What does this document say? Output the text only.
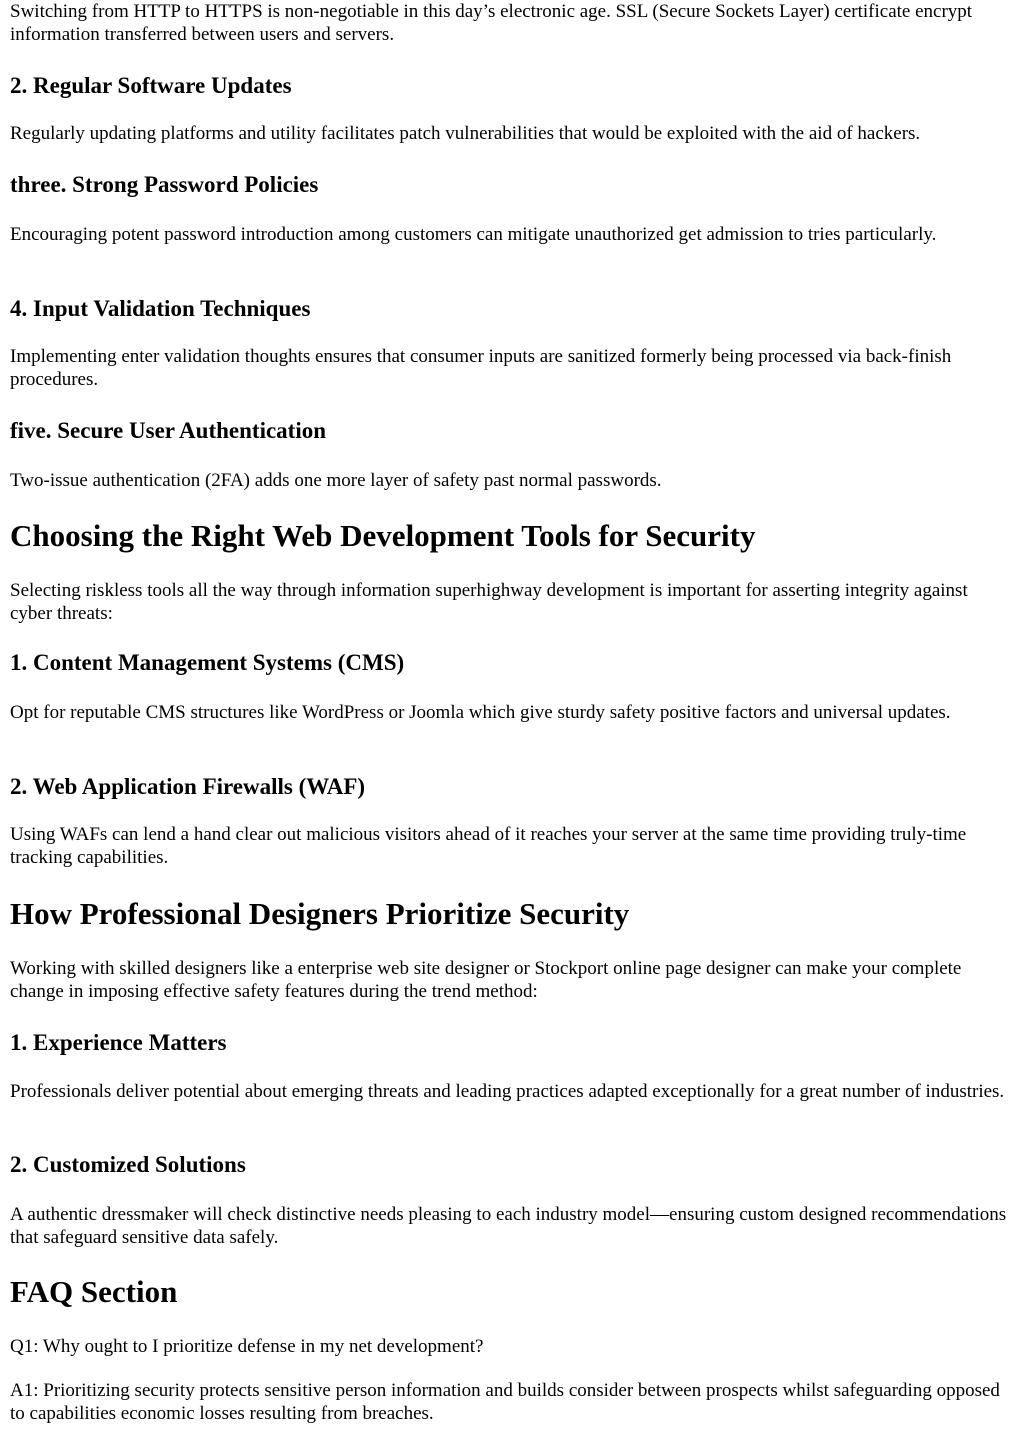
Switching from HTTP to HTTPS is non-negotiable in this day’s electronic age. SSL (Secure Sockets Layer) certificate encrypt information transferred between users and servers.

2. Regular Software Updates

Regularly updating platforms and utility facilitates patch vulnerabilities that would be exploited with the aid of hackers.

three. Strong Password Policies

Encouraging potent password introduction among customers can mitigate unauthorized get admission to tries particularly.

4. Input Validation Techniques

Implementing enter validation thoughts ensures that consumer inputs are sanitized formerly being processed via back-finish procedures.

five. Secure User Authentication

Two-issue authentication (2FA) adds one more layer of safety past normal passwords.

Choosing the Right Web Development Tools for Security

Selecting riskless tools all the way through information superhighway development is important for asserting integrity against cyber threats:

1. Content Management Systems (CMS)

Opt for reputable CMS structures like WordPress or Joomla which give sturdy safety positive factors and universal updates.

2. Web Application Firewalls (WAF)

Using WAFs can lend a hand clear out malicious visitors ahead of it reaches your server at the same time providing truly-time tracking capabilities.

How Professional Designers Prioritize Security

Working with skilled designers like a enterprise web site designer or Stockport online page designer can make your complete change in imposing effective safety features during the trend method:

1. Experience Matters

Professionals deliver potential about emerging threats and leading practices adapted exceptionally for a great number of industries.

2. Customized Solutions

A authentic dressmaker will check distinctive needs pleasing to each industry model—ensuring custom designed recommendations that safeguard sensitive data safely.

FAQ Section

Q1: Why ought to I prioritize defense in my net development?

A1: Prioritizing security protects sensitive person information and builds consider between prospects whilst safeguarding opposed to capabilities economic losses resulting from breaches.
